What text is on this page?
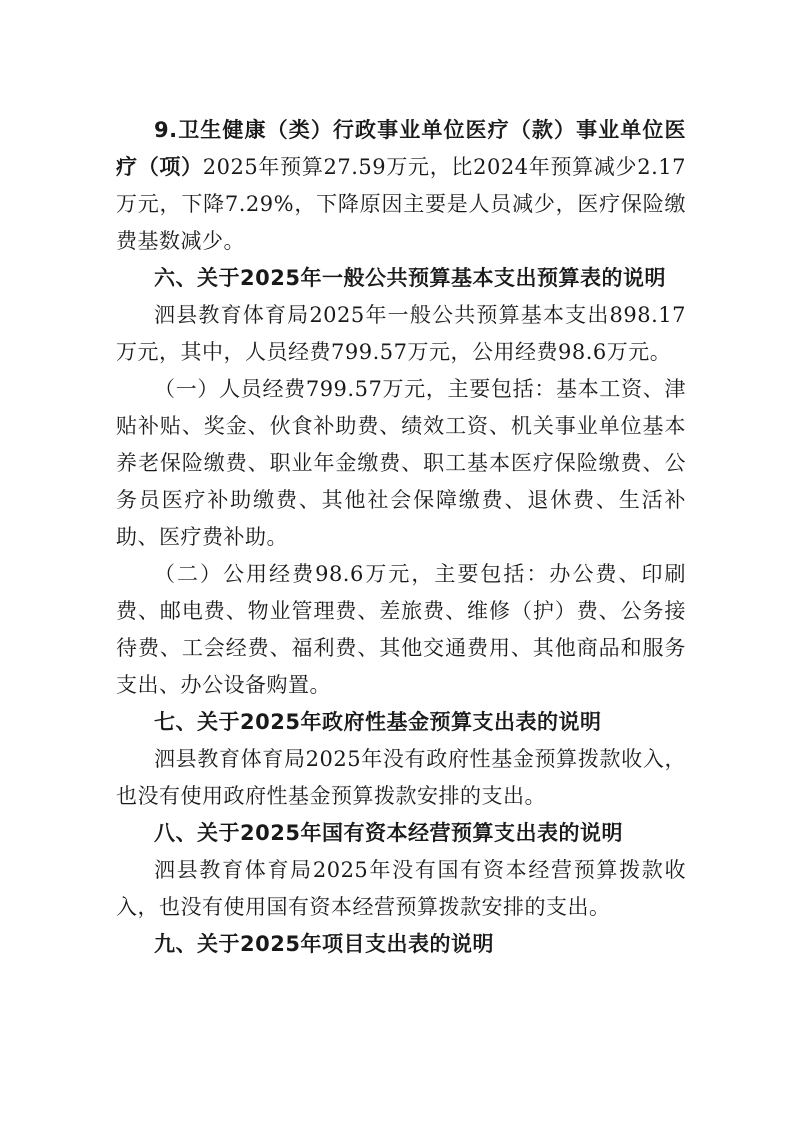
9.卫生健康（类）行政事业单位医疗（款）事业单位医疗（项）2025年预算27.59万元，比2024年预算减少2.17万元，下降7.29%，下降原因主要是人员减少，医疗保险缴费基数减少。

六、关于2025年一般公共预算基本支出预算表的说明

泗县教育体育局2025年一般公共预算基本支出898.17万元，其中，人员经费799.57万元，公用经费98.6万元。

（一）人员经费799.57万元，主要包括：基本工资、津贴补贴、奖金、伙食补助费、绩效工资、机关事业单位基本养老保险缴费、职业年金缴费、职工基本医疗保险缴费、公务员医疗补助缴费、其他社会保障缴费、退休费、生活补助、医疗费补助。

（二）公用经费98.6万元，主要包括：办公费、印刷费、邮电费、物业管理费、差旅费、维修（护）费、公务接待费、工会经费、福利费、其他交通费用、其他商品和服务支出、办公设备购置。

七、关于2025年政府性基金预算支出表的说明

泗县教育体育局2025年没有政府性基金预算拨款收入，也没有使用政府性基金预算拨款安排的支出。

八、关于2025年国有资本经营预算支出表的说明

泗县教育体育局2025年没有国有资本经营预算拨款收入，也没有使用国有资本经营预算拨款安排的支出。

九、关于2025年项目支出表的说明
